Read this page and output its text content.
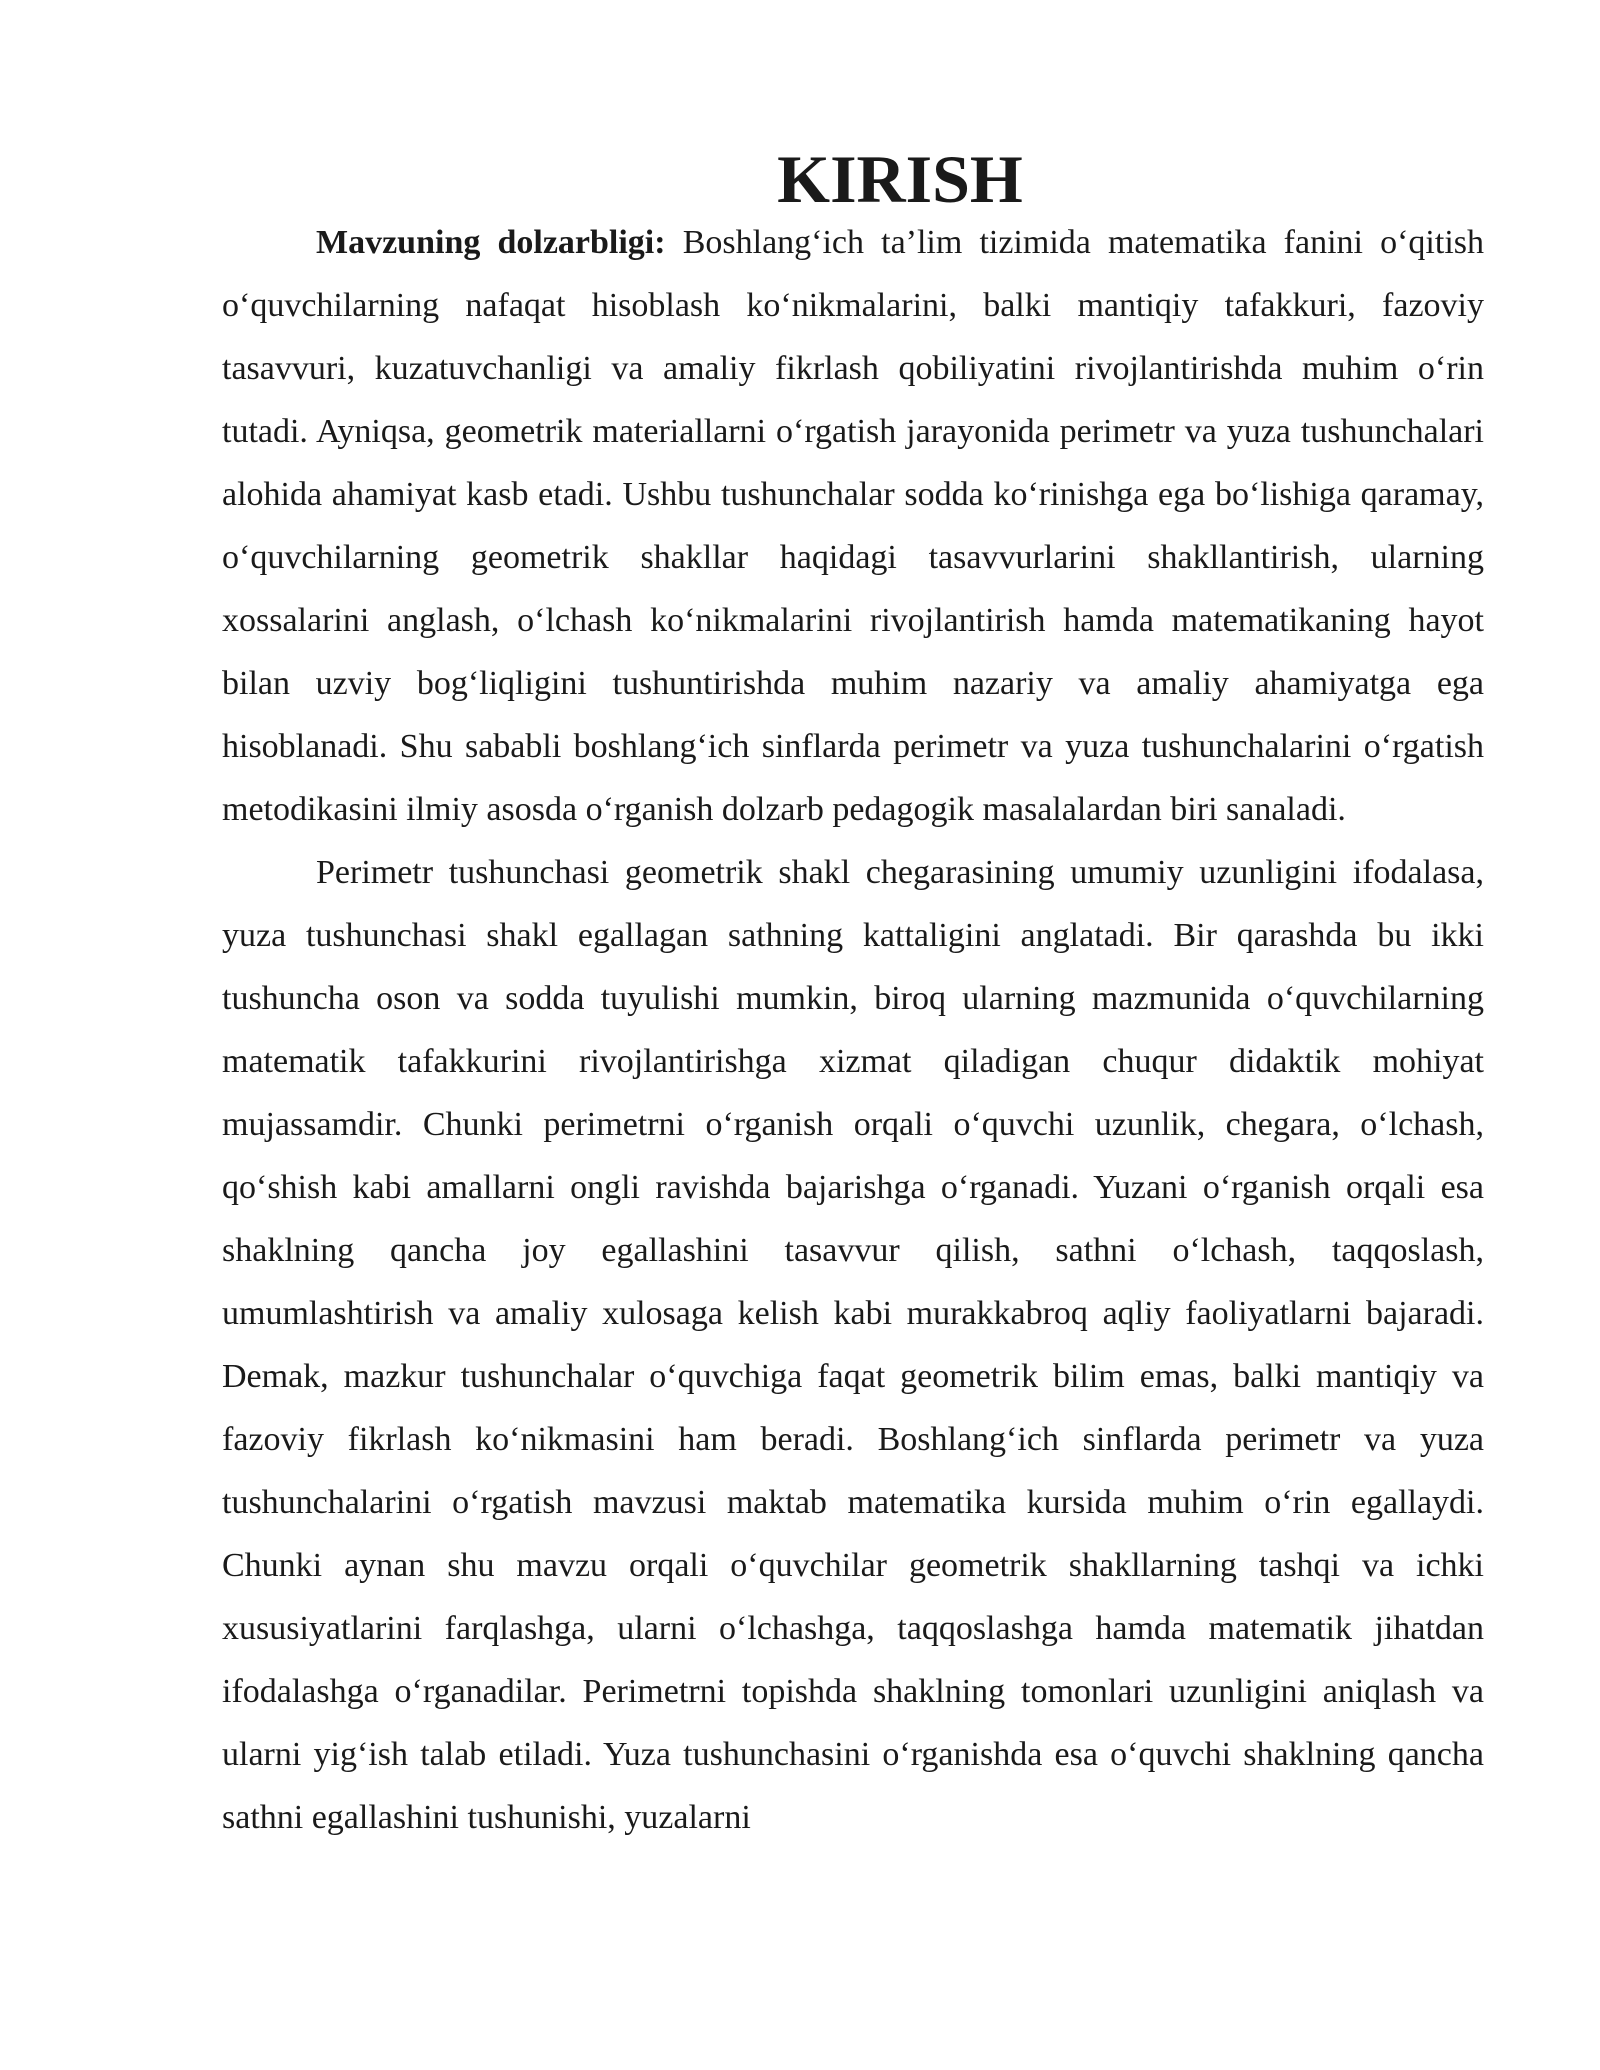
KIRISH

Mavzuning dolzarbligi: Boshlang‘ich ta’lim tizimida matematika fanini o‘qitish o‘quvchilarning nafaqat hisoblash ko‘nikmalarini, balki mantiqiy tafakkuri, fazoviy tasavvuri, kuzatuvchanligi va amaliy fikrlash qobiliyatini rivojlantirishda muhim o‘rin tutadi. Ayniqsa, geometrik materiallarni o‘rgatish jarayonida perimetr va yuza tushunchalari alohida ahamiyat kasb etadi. Ushbu tushunchalar sodda ko‘rinishga ega bo‘lishiga qaramay, o‘quvchilarning geometrik shakllar haqidagi tasavvurlarini shakllantirish, ularning xossalarini anglash, o‘lchash ko‘nikmalarini rivojlantirish hamda matematikaning hayot bilan uzviy bog‘liqligini tushuntirishda muhim nazariy va amaliy ahamiyatga ega hisoblanadi. Shu sababli boshlang‘ich sinflarda perimetr va yuza tushunchalarini o‘rgatish metodikasini ilmiy asosda o‘rganish dolzarb pedagogik masalalardan biri sanaladi.

Perimetr tushunchasi geometrik shakl chegarasining umumiy uzunligini ifodalasa, yuza tushunchasi shakl egallagan sathning kattaligini anglatadi. Bir qarashda bu ikki tushuncha oson va sodda tuyulishi mumkin, biroq ularning mazmunida o‘quvchilarning matematik tafakkurini rivojlantirishga xizmat qiladigan chuqur didaktik mohiyat mujassamdir. Chunki perimetrni o‘rganish orqali o‘quvchi uzunlik, chegara, o‘lchash, qo‘shish kabi amallarni ongli ravishda bajarishga o‘rganadi. Yuzani o‘rganish orqali esa shaklning qancha joy egallashini tasavvur qilish, sathni o‘lchash, taqqoslash, umumlashtirish va amaliy xulosaga kelish kabi murakkabroq aqliy faoliyatlarni bajaradi. Demak, mazkur tushunchalar o‘quvchiga faqat geometrik bilim emas, balki mantiqiy va fazoviy fikrlash ko‘nikmasini ham beradi. Boshlang‘ich sinflarda perimetr va yuza tushunchalarini o‘rgatish mavzusi maktab matematika kursida muhim o‘rin egallaydi. Chunki aynan shu mavzu orqali o‘quvchilar geometrik shakllarning tashqi va ichki xususiyatlarini farqlashga, ularni o‘lchashga, taqqoslashga hamda matematik jihatdan ifodalashga o‘rganadilar. Perimetrni topishda shaklning tomonlari uzunligini aniqlash va ularni yig‘ish talab etiladi. Yuza tushunchasini o‘rganishda esa o‘quvchi shaklning qancha sathni egallashini tushunishi, yuzalarni
